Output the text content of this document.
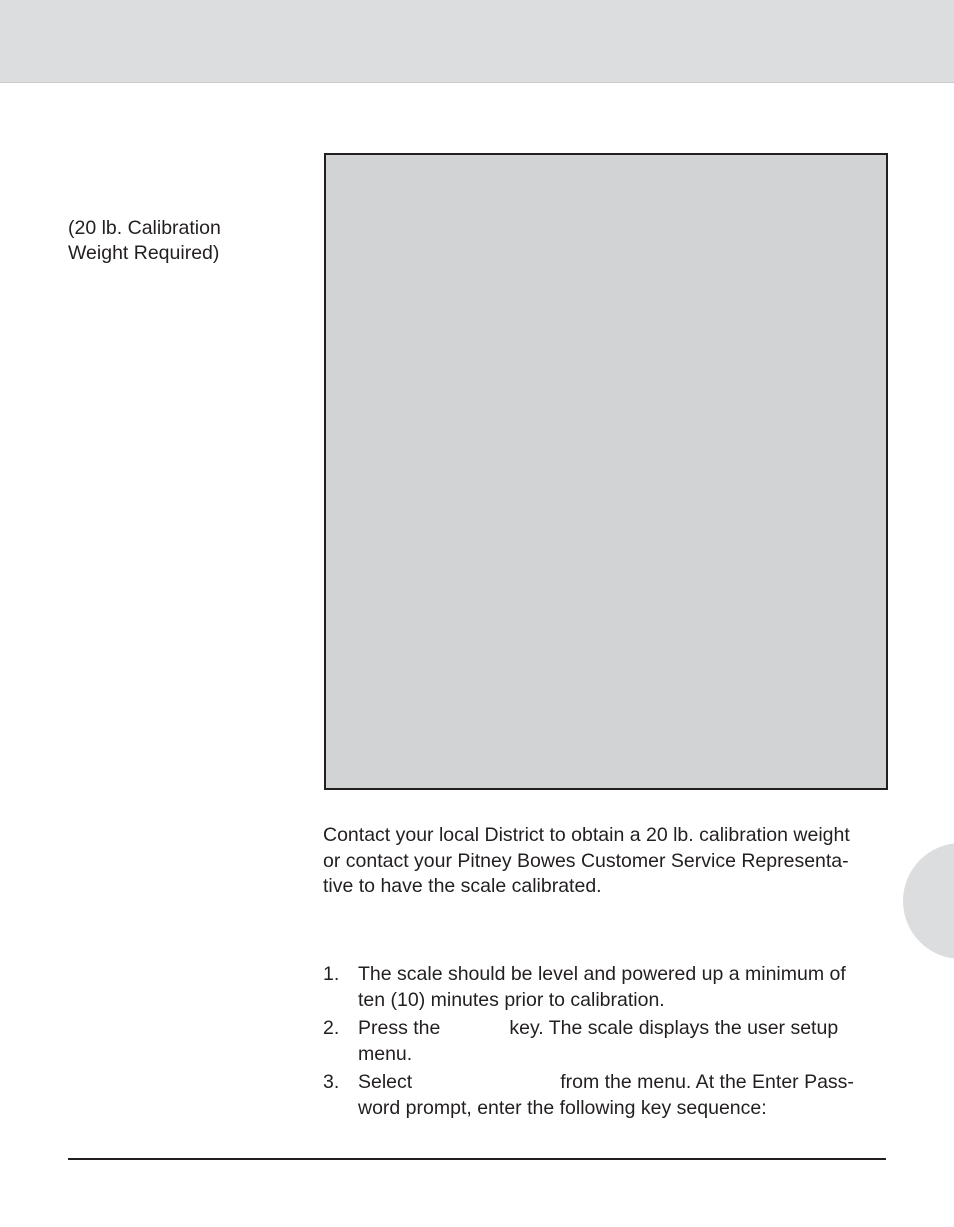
(20 lb. Calibration
Weight Required)
Contact your local District to obtain a 20 lb. calibration weight
or contact your Pitney Bowes Customer Service Representa-
tive to have the scale calibrated.
1. The scale should be level and powered up a minimum of
ten (10) minutes prior to calibration.
2. Press the	key. The scale displays the user setup
menu.
3. Select	from the menu. At the Enter Pass-
word prompt, enter the following key sequence:
